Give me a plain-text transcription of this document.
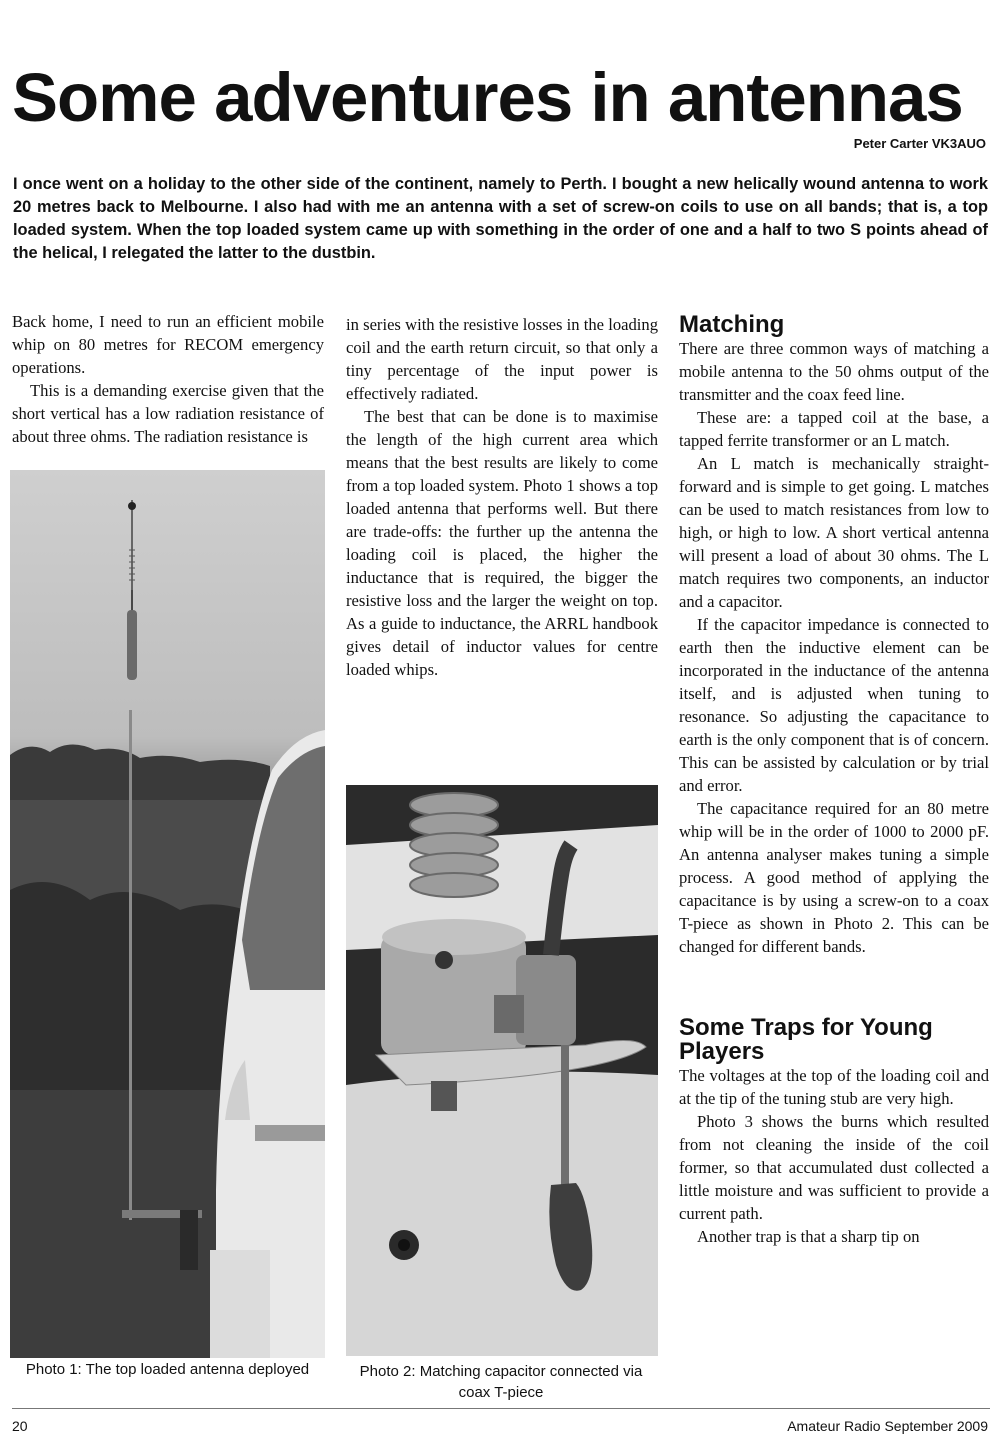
Some adventures in antennas
Peter Carter VK3AUO
I once went on a holiday to the other side of the continent, namely to Perth. I bought a new helically wound antenna to work 20 metres back to Melbourne. I also had with me an antenna with a set of screw-on coils to use on all bands; that is, a top loaded system. When the top loaded system came up with something in the order of one and a half to two S points ahead of the helical, I relegated the latter to the dustbin.

Back home, I need to run an efficient mobile whip on 80 metres for RECOM emergency operations.

This is a demanding exercise given that the short vertical has a low radiation resistance of about three ohms. The radiation resistance is

in series with the resistive losses in the loading coil and the earth return circuit, so that only a tiny percentage of the input power is effectively radiated.

The best that can be done is to maximise the length of the high current area which means that the best results are likely to come from a top loaded system. Photo 1 shows a top loaded antenna that performs well. But there are trade-offs: the further up the antenna the loading coil is placed, the higher the inductance that is required, the bigger the resistive loss and the larger the weight on top. As a guide to inductance, the ARRL handbook gives detail of inductor values for centre loaded whips.

Matching

There are three common ways of matching a mobile antenna to the 50 ohms output of the transmitter and the coax feed line.

These are: a tapped coil at the base, a tapped ferrite transformer or an L match.

An L match is mechanically straight-forward and is simple to get going. L matches can be used to match resistances from low to high, or high to low. A short vertical antenna will present a load of about 30 ohms. The L match requires two components, an inductor and a capacitor.

If the capacitor impedance is connected to earth then the inductive element can be incorporated in the inductance of the antenna itself, and is adjusted when tuning to resonance. So adjusting the capacitance to earth is the only component that is of concern. This can be assisted by calculation or by trial and error.

The capacitance required for an 80 metre whip will be in the order of 1000 to 2000 pF. An antenna analyser makes tuning a simple process. A good method of applying the capacitance is by using a screw-on to a coax T-piece as shown in Photo 2. This can be changed for different bands.

Some Traps for Young Players

The voltages at the top of the loading coil and at the tip of the tuning stub are very high.

Photo 3 shows the burns which resulted from not cleaning the inside of the coil former, so that accumulated dust collected a little moisture and was sufficient to provide a current path.

Another trap is that a sharp tip on

Photo 1: The top loaded antenna deployed	Photo 2: Matching capacitor connected via coax T-piece
20	Amateur Radio September 2009
